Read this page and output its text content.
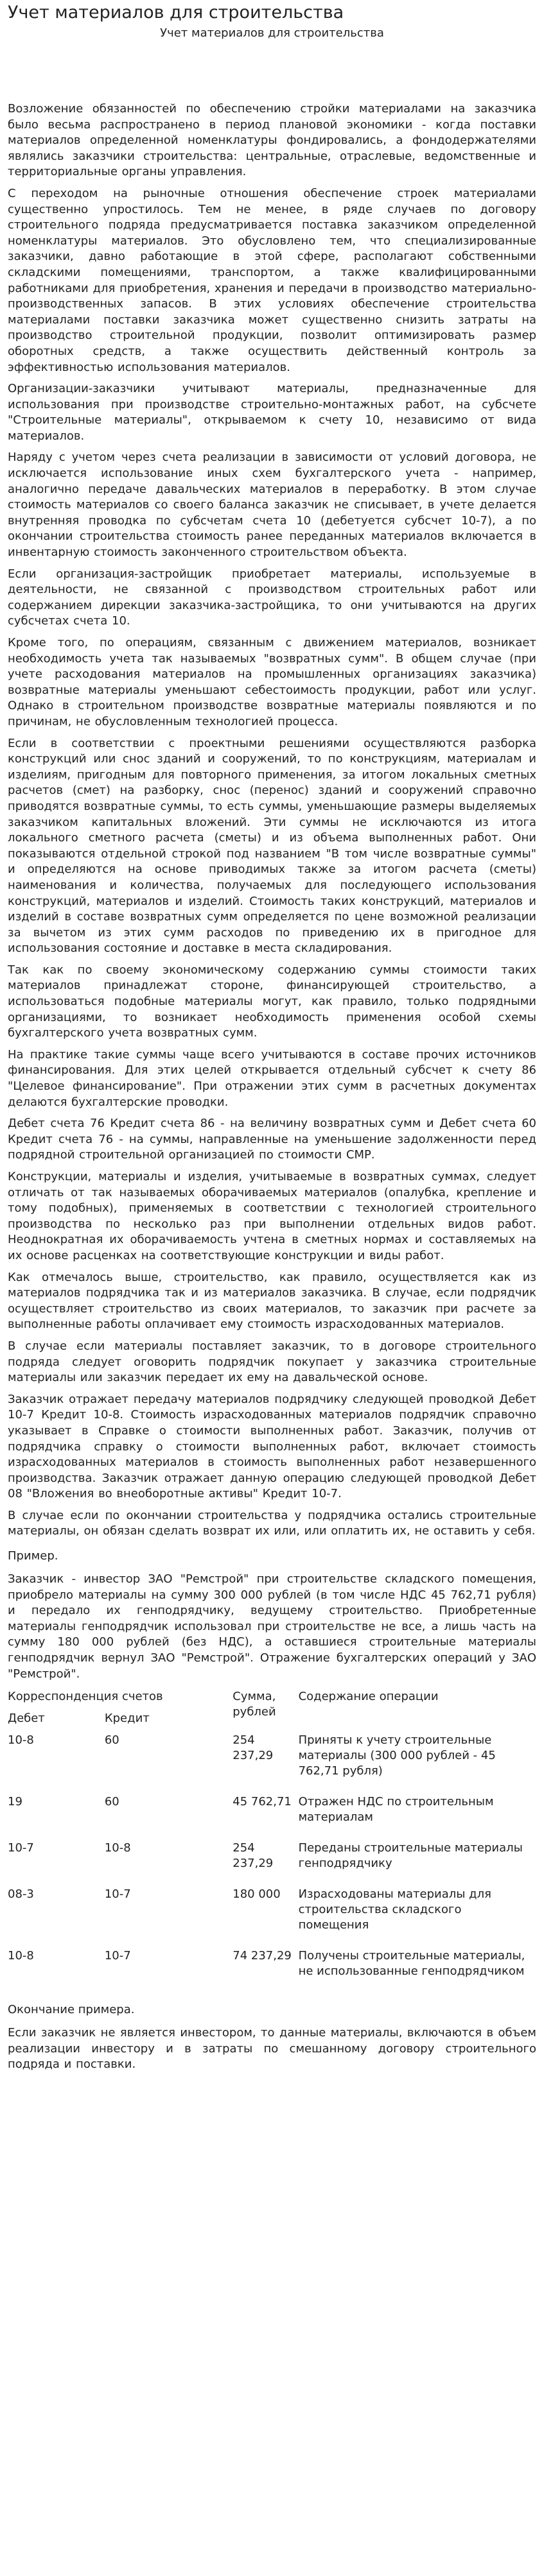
Учет материалов для строительства
Учет материалов для строительства

Возложение обязанностей по обеспечению стройки материалами на заказчика было весьма распространено в период плановой экономики - когда поставки материалов определенной номенклатуры фондировались, а фондодержателями являлись заказчики строительства: центральные, отраслевые, ведомственные и территориальные органы управления.

С переходом на рыночные отношения обеспечение строек материалами существенно упростилось. Тем не менее, в ряде случаев по договору строительного подряда предусматривается поставка заказчиком определенной номенклатуры материалов. Это обусловлено тем, что специализированные заказчики, давно работающие в этой сфере, располагают собственными складскими помещениями, транспортом, а также квалифицированными работниками для приобретения, хранения и передачи в производство материально-производственных запасов. В этих условиях обеспечение строительства материалами поставки заказчика может существенно снизить затраты на производство строительной продукции, позволит оптимизировать размер оборотных средств, а также осуществить действенный контроль за эффективностью использования материалов.

Организации-заказчики учитывают материалы, предназначенные для использования при производстве строительно-монтажных работ, на субсчете "Строительные материалы", открываемом к счету 10, независимо от вида материалов.

Наряду с учетом через счета реализации в зависимости от условий договора, не исключается использование иных схем бухгалтерского учета - например, аналогично передаче давальческих материалов в переработку. В этом случае стоимость материалов со своего баланса заказчик не списывает, в учете делается внутренняя проводка по субсчетам счета 10 (дебетуется субсчет 10-7), а по окончании строительства стоимость ранее переданных материалов включается в инвентарную стоимость законченного строительством объекта.

Если организация-застройщик приобретает материалы, используемые в деятельности, не связанной с производством строительных работ или содержанием дирекции заказчика-застройщика, то они учитываются на других субсчетах счета 10.

Кроме того, по операциям, связанным с движением материалов, возникает необходимость учета так называемых "возвратных сумм". В общем случае (при учете расходования материалов на промышленных организациях заказчика) возвратные материалы уменьшают себестоимость продукции, работ или услуг. Однако в строительном производстве возвратные материалы появляются и по причинам, не обусловленным технологией процесса.

Если в соответствии с проектными решениями осуществляются разборка конструкций или снос зданий и сооружений, то по конструкциям, материалам и изделиям, пригодным для повторного применения, за итогом локальных сметных расчетов (смет) на разборку, снос (перенос) зданий и сооружений справочно приводятся возвратные суммы, то есть суммы, уменьшающие размеры выделяемых заказчиком капитальных вложений. Эти суммы не исключаются из итога локального сметного расчета (сметы) и из объема выполненных работ. Они показываются отдельной строкой под названием "В том числе возвратные суммы" и определяются на основе приводимых также за итогом расчета (сметы) наименования и количества, получаемых для последующего использования конструкций, материалов и изделий. Стоимость таких конструкций, материалов и изделий в составе возвратных сумм определяется по цене возможной реализации за вычетом из этих сумм расходов по приведению их в пригодное для использования состояние и доставке в места складирования.

Так как по своему экономическому содержанию суммы стоимости таких материалов принадлежат стороне, финансирующей строительство, а использоваться подобные материалы могут, как правило, только подрядными организациями, то возникает необходимость применения особой схемы бухгалтерского учета возвратных сумм.

На практике такие суммы чаще всего учитываются в составе прочих источников финансирования. Для этих целей открывается отдельный субсчет к счету 86 "Целевое финансирование". При отражении этих сумм в расчетных документах делаются бухгалтерские проводки.

Дебет счета 76 Кредит счета 86 - на величину возвратных сумм и Дебет счета 60 Кредит счета 76 - на суммы, направленные на уменьшение задолженности перед подрядной строительной организацией по стоимости СМР.

Конструкции, материалы и изделия, учитываемые в возвратных суммах, следует отличать от так называемых оборачиваемых материалов (опалубка, крепление и тому подобных), применяемых в соответствии с технологией строительного производства по несколько раз при выполнении отдельных видов работ. Неоднократная их оборачиваемость учтена в сметных нормах и составляемых на их основе расценках на соответствующие конструкции и виды работ.

Как отмечалось выше, строительство, как правило, осуществляется как из материалов подрядчика так и из материалов заказчика. В случае, если подрядчик осуществляет строительство из своих материалов, то заказчик при расчете за выполненные работы оплачивает ему стоимость израсходованных материалов.

В случае если материалы поставляет заказчик, то в договоре строительного подряда следует оговорить подрядчик покупает у заказчика строительные материалы или заказчик передает их ему на давальческой основе.

Заказчик отражает передачу материалов подрядчику следующей проводкой Дебет 10-7 Кредит 10-8. Стоимость израсходованных материалов подрядчик справочно указывает в Справке о стоимости выполненных работ. Заказчик, получив от подрядчика справку о стоимости выполненных работ, включает стоимость израсходованных материалов в стоимость выполненных работ незавершенного производства. Заказчик отражает данную операцию следующей проводкой Дебет 08 "Вложения во внеоборотные активы" Кредит 10-7.

В случае если по окончании строительства у подрядчика остались строительные материалы, он обязан сделать возврат их или, или оплатить их, не оставить у себя.

Пример.

Заказчик - инвестор ЗАО "Ремстрой" при строительстве складского помещения, приобрело материалы на сумму 300 000 рублей (в том числе НДС 45 762,71 рубля) и передало их генподрядчику, ведущему строительство. Приобретенные материалы генподрядчик использовал при строительстве не все, а лишь часть на сумму 180 000 рублей (без НДС), а оставшиеся строительные материалы генподрядчик вернул ЗАО "Ремстрой". Отражение бухгалтерских операций у ЗАО "Ремстрой".

Корреспонденция счетов		Сумма, рублей	Содержание операции
Дебет	Кредит		
10-8	60	254 237,29	Приняты к учету строительные материалы (300 000 рублей - 45 762,71 рубля)
19	60	45 762,71	Отражен НДС по строительным материалам
10-7	10-8	254 237,29	Переданы строительные материалы генподрядчику
08-3	10-7	180 000	Израсходованы материалы для строительства складского помещения
10-8	10-7	74 237,29	Получены строительные материалы, не использованные генподрядчиком
Окончание примера.

Если заказчик не является инвестором, то данные материалы, включаются в объем реализации инвестору и в затраты по смешанному договору строительного подряда и поставки.
